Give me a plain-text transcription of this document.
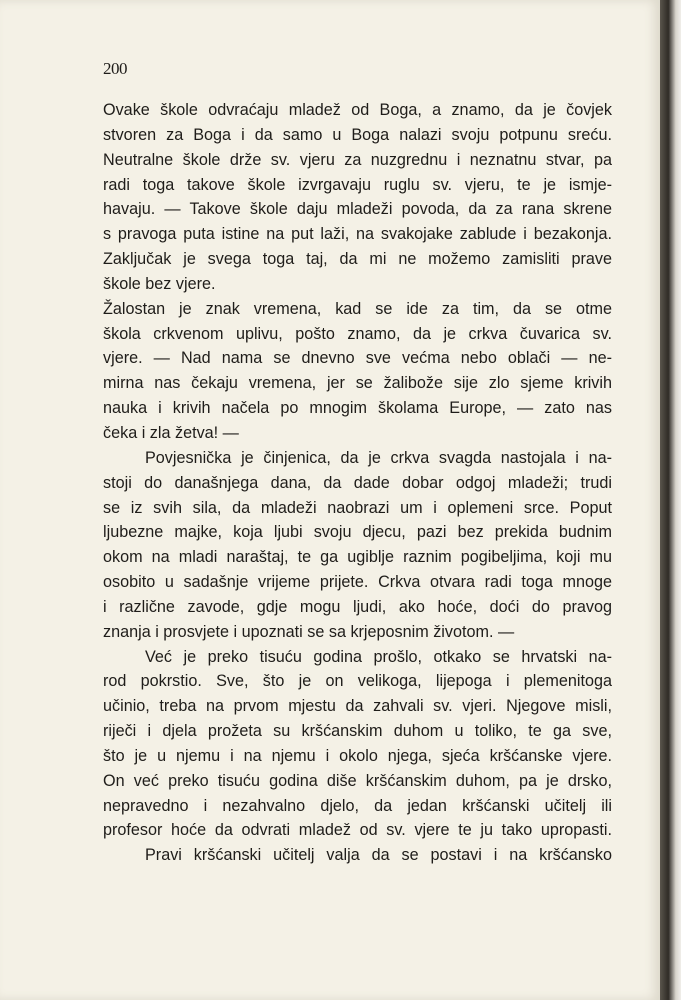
200
Ovake škole odvraćaju mladež od Boga, a znamo, da je čovjek
stvoren za Boga i da samo u Boga nalazi svoju potpunu sreću.
Neutralne škole drže sv. vjeru za nuzgrednu i neznatnu stvar, pa
radi toga takove škole izvrgavaju ruglu sv. vjeru, te je ismje-
havaju. — Takove škole daju mladeži povoda, da za rana skrene
s pravoga puta istine na put laži, na svakojake zablude i bezakonja.
Zaključak je svega toga taj, da mi ne možemo zamisliti prave
škole bez vjere.
Žalostan je znak vremena, kad se ide za tim, da se otme
škola crkvenom uplivu, pošto znamo, da je crkva čuvarica sv.
vjere. — Nad nama se dnevno sve većma nebo oblači — ne-
mirna nas čekaju vremena, jer se žalibože sije zlo sjeme krivih
nauka i krivih načela po mnogim školama Europe, — zato nas
čeka i zla žetva! —
Povjesnička je činjenica, da je crkva svagda nastojala i na-
stoji do današnjega dana, da dade dobar odgoj mladeži; trudi
se iz svih sila, da mladeži naobrazi um i oplemeni srce. Poput
ljubezne majke, koja ljubi svoju djecu, pazi bez prekida budnim
okom na mladi naraštaj, te ga ugiblje raznim pogibeljima, koji mu
osobito u sadašnje vrijeme prijete. Crkva otvara radi toga mnoge
i različne zavode, gdje mogu ljudi, ako hoće, doći do pravog
znanja i prosvjete i upoznati se sa krjeposnim životom. —
Već je preko tisuću godina prošlo, otkako se hrvatski na-
rod pokrstio. Sve, što je on velikoga, lijepoga i plemenitoga
učinio, treba na prvom mjestu da zahvali sv. vjeri. Njegove misli,
riječi i djela prožeta su kršćanskim duhom u toliko, te ga sve,
što je u njemu i na njemu i okolo njega, sjeća kršćanske vjere.
On već preko tisuću godina diše kršćanskim duhom, pa je drsko,
nepravedno i nezahvalno djelo, da jedan kršćanski učitelj ili
profesor hoće da odvrati mladež od sv. vjere te ju tako upropasti.
Pravi kršćanski učitelj valja da se postavi i na kršćansko
